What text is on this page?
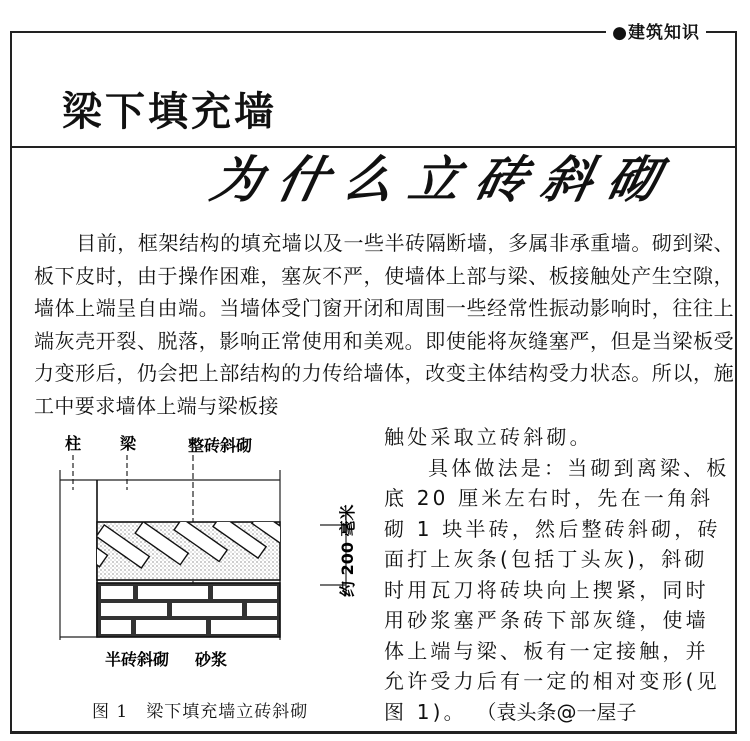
●建筑知识
梁下填充墙
为什么立砖斜砌
目前，框架结构的填充墙以及一些半砖隔断墙，多属非承重墙。砌到梁、板下皮时，由于操作困难，塞灰不严，使墙体上部与梁、板接触处产生空隙，墙体上端呈自由端。当墙体受门窗开闭和周围一些经常性振动影响时，往往上端灰壳开裂、脱落，影响正常使用和美观。即使能将灰缝塞严，但是当梁板受力变形后，仍会把上部结构的力传给墙体，改变主体结构受力状态。所以，施工中要求墙体上端与梁板接
触处采取立砖斜砌。
具体做法是：当砌到离梁、板底 20 厘米左右时，先在一角斜砌 1 块半砖，然后整砖斜砌，砖面打上灰条(包括丁头灰)，斜砌时用瓦刀将砖块向上揳紧，同时用砂浆塞严条砖下部灰缝，使墙体上端与梁、板有一定接触，并允许受力后有一定的相对变形(见图 1)。 （袁头条@一屋子
柱 梁	整砖斜砌
半砖斜砌 砂浆
约 200 毫米
图 1　梁下填充墙立砖斜砌
